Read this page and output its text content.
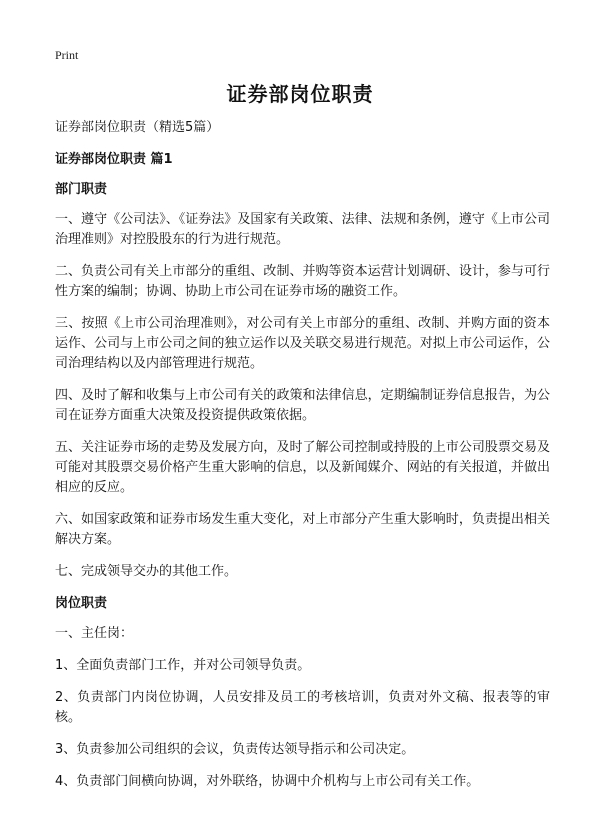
Print
证券部岗位职责
证券部岗位职责（精选5篇）
证券部岗位职责 篇1
部门职责

一、遵守《公司法》、《证券法》及国家有关政策、法律、法规和条例，遵守《上市公司治理准则》对控股股东的行为进行规范。

二、负责公司有关上市部分的重组、改制、并购等资本运营计划调研、设计，参与可行性方案的编制；协调、协助上市公司在证券市场的融资工作。

三、按照《上市公司治理准则》，对公司有关上市部分的重组、改制、并购方面的资本运作、公司与上市公司之间的独立运作以及关联交易进行规范。对拟上市公司运作，公司治理结构以及内部管理进行规范。

四、及时了解和收集与上市公司有关的政策和法律信息，定期编制证券信息报告，为公司在证券方面重大决策及投资提供政策依据。

五、关注证券市场的走势及发展方向，及时了解公司控制或持股的上市公司股票交易及可能对其股票交易价格产生重大影响的信息，以及新闻媒介、网站的有关报道，并做出相应的反应。

六、如国家政策和证券市场发生重大变化，对上市部分产生重大影响时，负责提出相关解决方案。

七、完成领导交办的其他工作。

岗位职责

一、主任岗：

1、全面负责部门工作，并对公司领导负责。

2、负责部门内岗位协调，人员安排及员工的考核培训，负责对外文稿、报表等的审核。

3、负责参加公司组织的会议，负责传达领导指示和公司决定。

4、负责部门间横向协调，对外联络，协调中介机构与上市公司有关工作。
